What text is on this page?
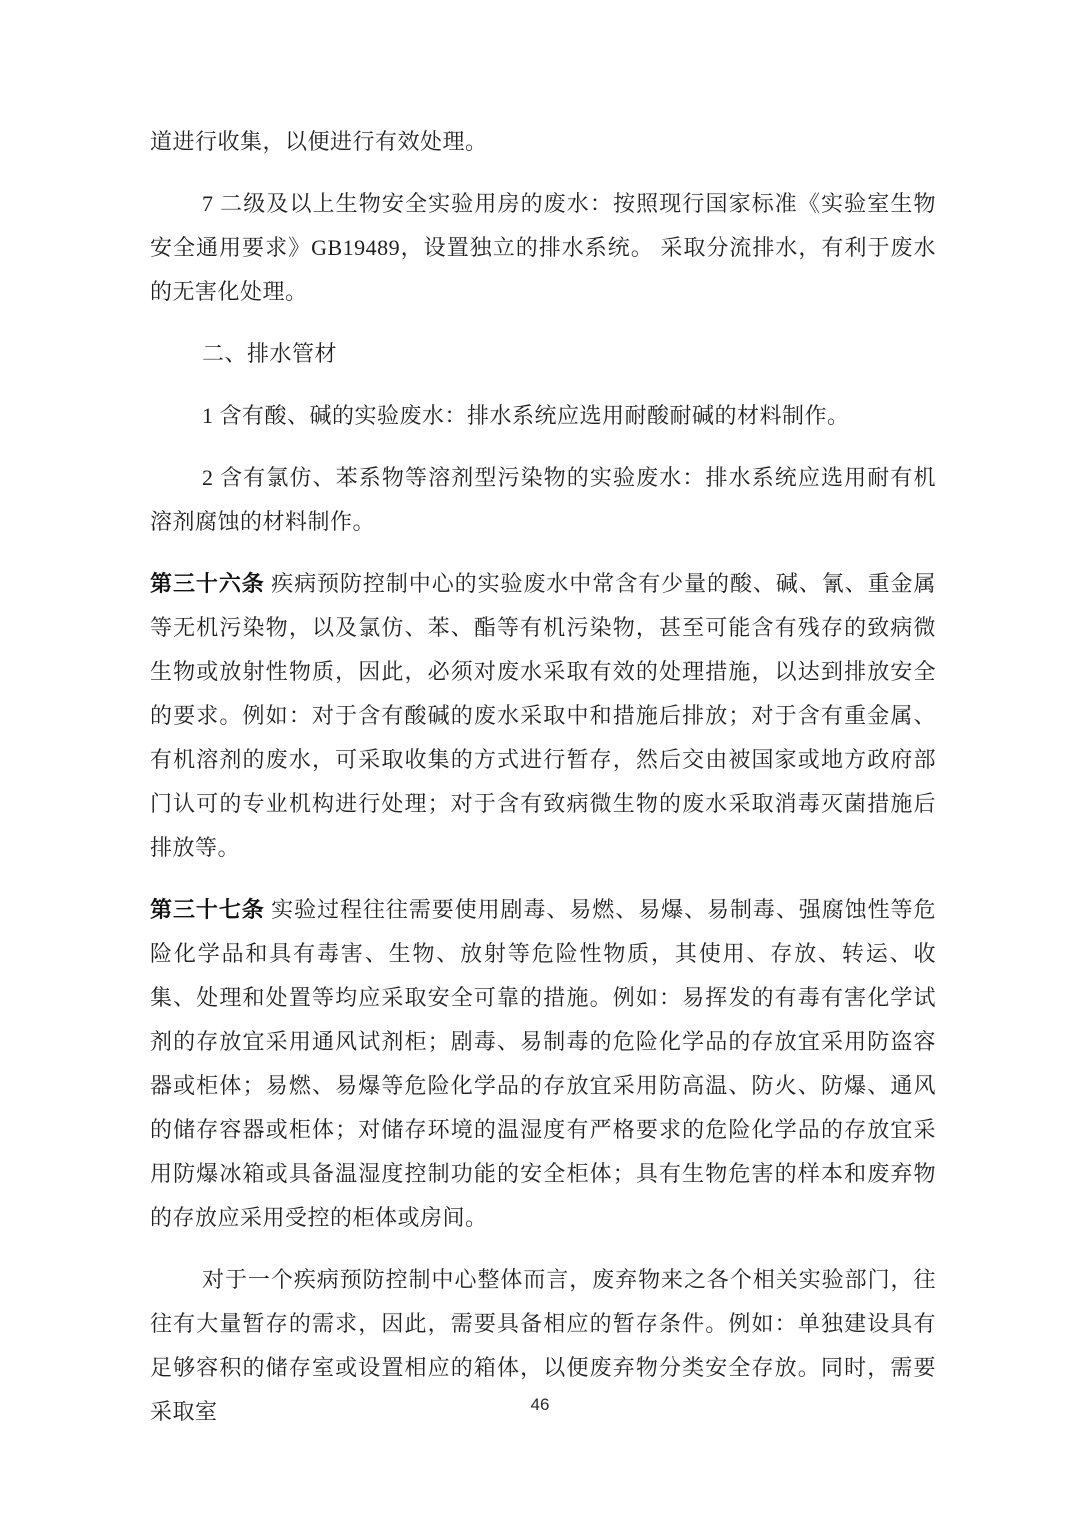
道进行收集，以便进行有效处理。

7 二级及以上生物安全实验用房的废水：按照现行国家标准《实验室生物安全通用要求》GB19489，设置独立的排水系统。 采取分流排水，有利于废水的无害化处理。

二、排水管材

1 含有酸、碱的实验废水：排水系统应选用耐酸耐碱的材料制作。

2 含有氯仿、苯系物等溶剂型污染物的实验废水：排水系统应选用耐有机溶剂腐蚀的材料制作。

第三十六条 疾病预防控制中心的实验废水中常含有少量的酸、碱、氰、重金属等无机污染物，以及氯仿、苯、酯等有机污染物，甚至可能含有残存的致病微生物或放射性物质，因此，必须对废水采取有效的处理措施，以达到排放安全的要求。例如：对于含有酸碱的废水采取中和措施后排放；对于含有重金属、有机溶剂的废水，可采取收集的方式进行暂存，然后交由被国家或地方政府部门认可的专业机构进行处理；对于含有致病微生物的废水采取消毒灭菌措施后排放等。

第三十七条 实验过程往往需要使用剧毒、易燃、易爆、易制毒、强腐蚀性等危险化学品和具有毒害、生物、放射等危险性物质，其使用、存放、转运、收集、处理和处置等均应采取安全可靠的措施。例如：易挥发的有毒有害化学试剂的存放宜采用通风试剂柜；剧毒、易制毒的危险化学品的存放宜采用防盗容器或柜体；易燃、易爆等危险化学品的存放宜采用防高温、防火、防爆、通风的储存容器或柜体；对储存环境的温湿度有严格要求的危险化学品的存放宜采用防爆冰箱或具备温湿度控制功能的安全柜体；具有生物危害的样本和废弃物的存放应采用受控的柜体或房间。

对于一个疾病预防控制中心整体而言，废弃物来之各个相关实验部门，往往有大量暂存的需求，因此，需要具备相应的暂存条件。例如：单独建设具有足够容积的储存室或设置相应的箱体，以便废弃物分类安全存放。同时，需要采取室	46
